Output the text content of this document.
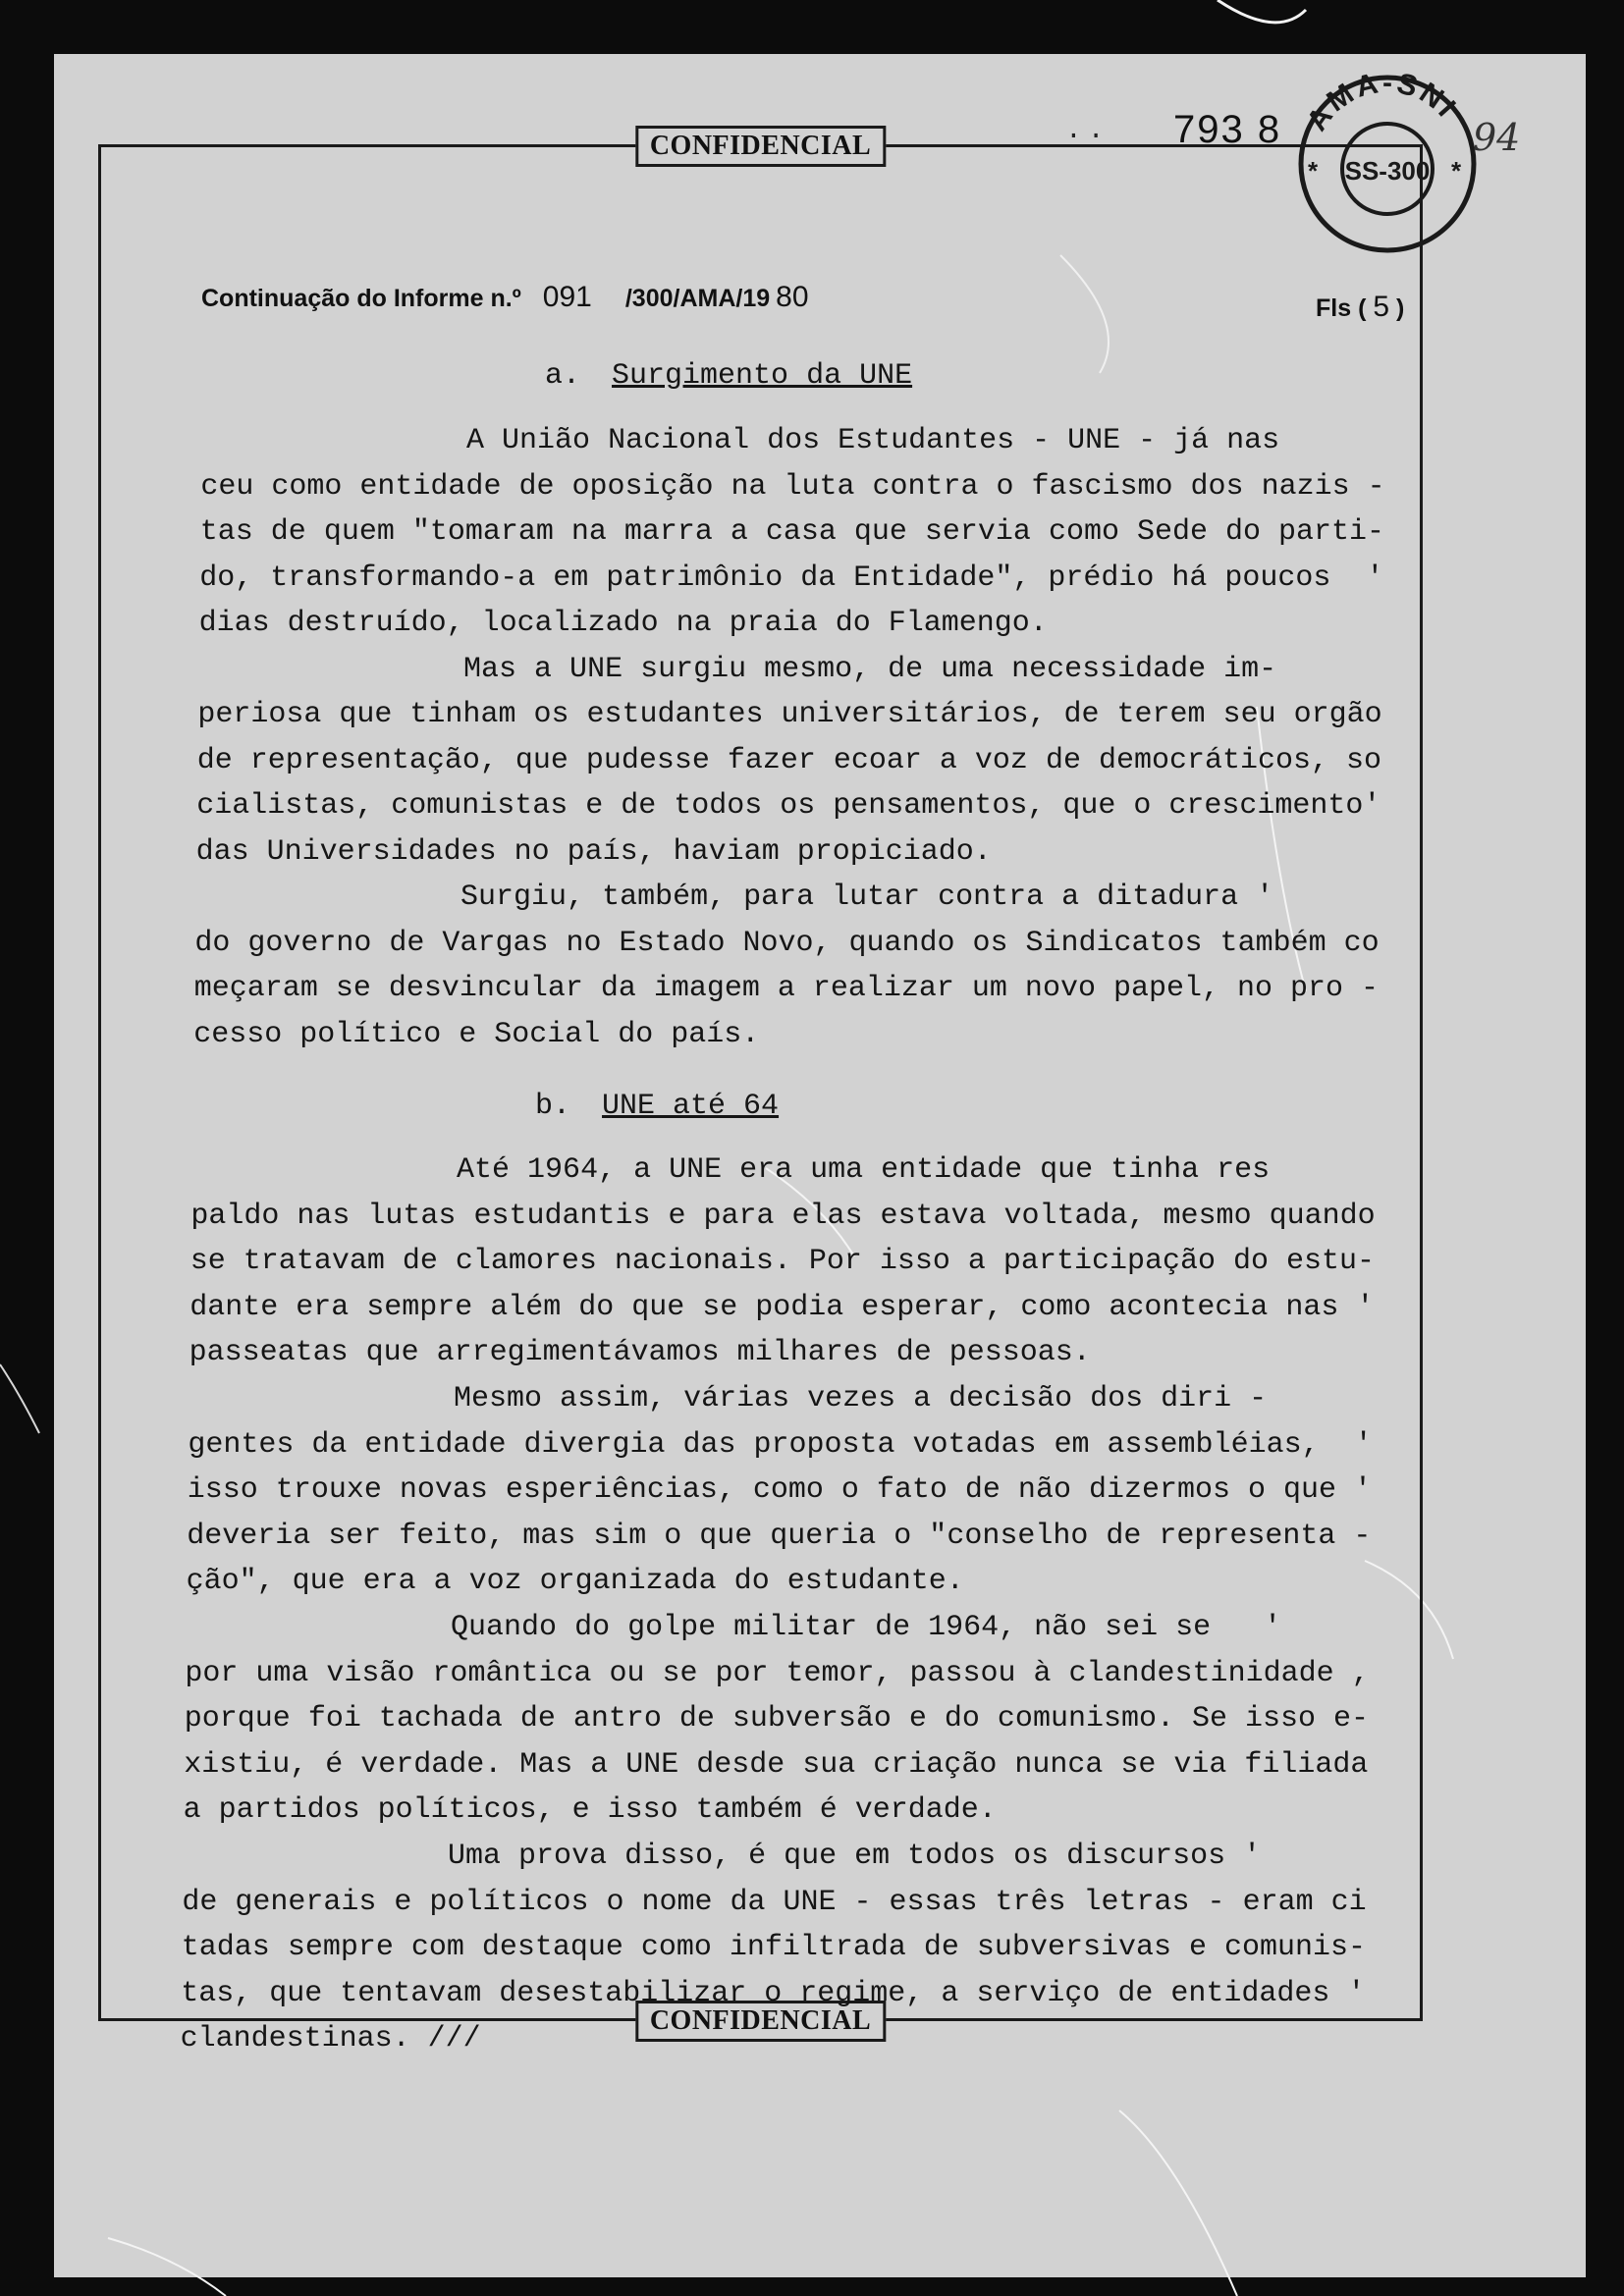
.. 793 8 AMA-SNI
SS-300
*	*
94
CONFIDENCIAL
CONFIDENCIAL
Continuação do Informe n.º 091 /300/AMA/19 80	Fls ( 5 )
a. Surgimento da UNE
A União Nacional dos Estudantes - UNE - já nas
ceu como entidade de oposição na luta contra o fascismo dos nazis -
tas de quem "tomaram na marra a casa que servia como Sede do parti-
do, transformando-a em patrimônio da Entidade", prédio há poucos  '
dias destruído, localizado na praia do Flamengo.
Mas a UNE surgiu mesmo, de uma necessidade im-
periosa que tinham os estudantes universitários, de terem seu orgão
de representação, que pudesse fazer ecoar a voz de democráticos, so
cialistas, comunistas e de todos os pensamentos, que o crescimento'
das Universidades no país, haviam propiciado.
Surgiu, também, para lutar contra a ditadura '
do governo de Vargas no Estado Novo, quando os Sindicatos também co
meçaram se desvincular da imagem a realizar um novo papel, no pro -
cesso político e Social do país.
b. UNE até 64
Até 1964, a UNE era uma entidade que tinha res
paldo nas lutas estudantis e para elas estava voltada, mesmo quando
se tratavam de clamores nacionais. Por isso a participação do estu-
dante era sempre além do que se podia esperar, como acontecia nas '
passeatas que arregimentávamos milhares de pessoas.
Mesmo assim, várias vezes a decisão dos diri -
gentes da entidade divergia das proposta votadas em assembléias,  '
isso trouxe novas esperiências, como o fato de não dizermos o que '
deveria ser feito, mas sim o que queria o "conselho de representa -
ção", que era a voz organizada do estudante.
Quando do golpe militar de 1964, não sei se   '
por uma visão romântica ou se por temor, passou à clandestinidade ,
porque foi tachada de antro de subversão e do comunismo. Se isso e-
xistiu, é verdade. Mas a UNE desde sua criação nunca se via filiada
a partidos políticos, e isso também é verdade.
Uma prova disso, é que em todos os discursos '
de generais e políticos o nome da UNE - essas três letras - eram ci
tadas sempre com destaque como infiltrada de subversivas e comunis-
tas, que tentavam desestabilizar o regime, a serviço de entidades '
clandestinas. ///
